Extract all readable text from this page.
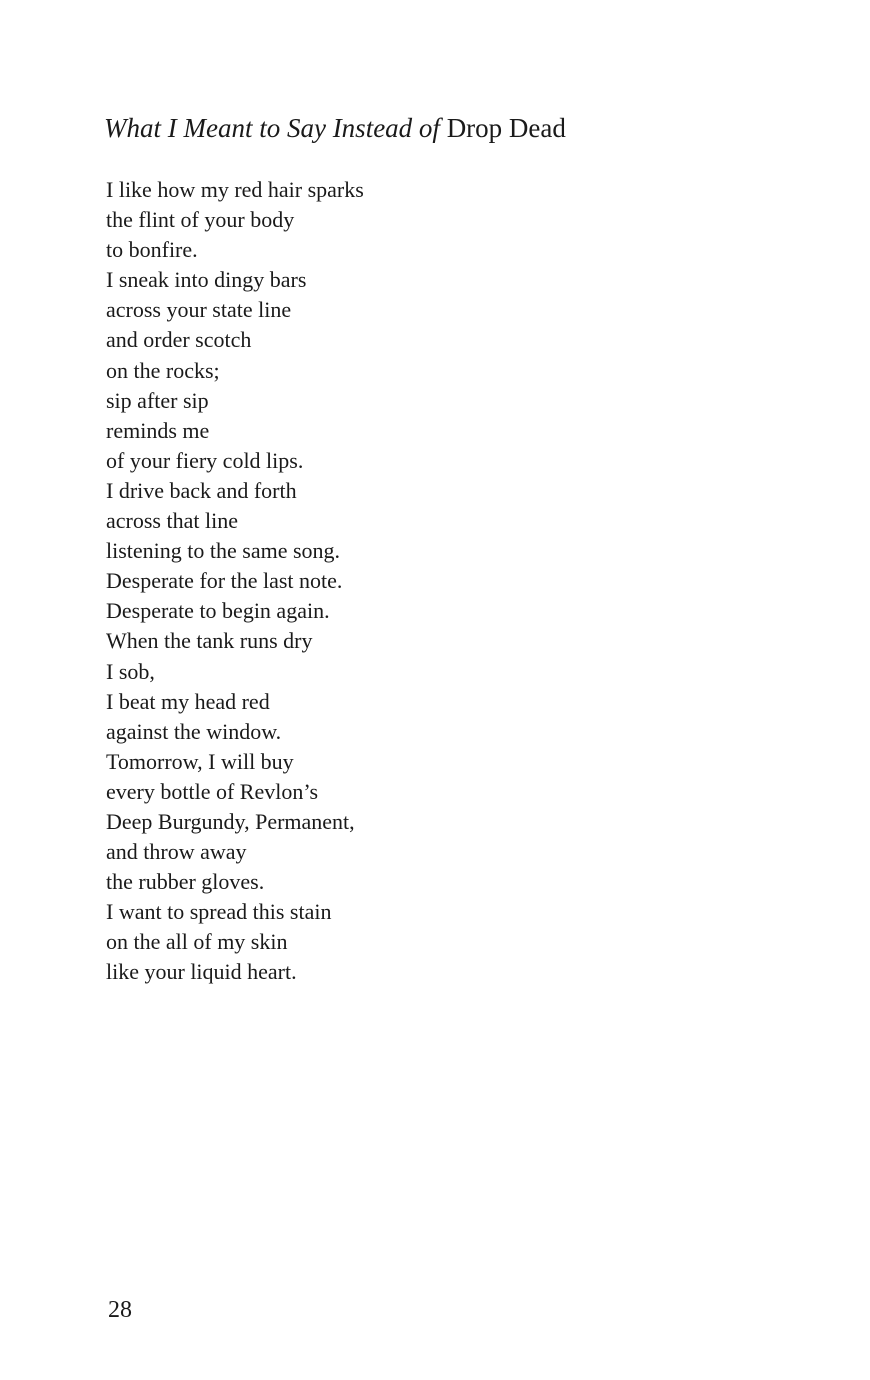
What I Meant to Say Instead of Drop Dead
I like how my red hair sparks
the flint of your body
to bonfire.
I sneak into dingy bars
across your state line
and order scotch
on the rocks;
sip after sip
reminds me
of your fiery cold lips.
I drive back and forth
across that line
listening to the same song.
Desperate for the last note.
Desperate to begin again.
When the tank runs dry
I sob,
I beat my head red
against the window.
Tomorrow, I will buy
every bottle of Revlon’s
Deep Burgundy, Permanent,
and throw away
the rubber gloves.
I want to spread this stain
on the all of my skin
like your liquid heart.
28
